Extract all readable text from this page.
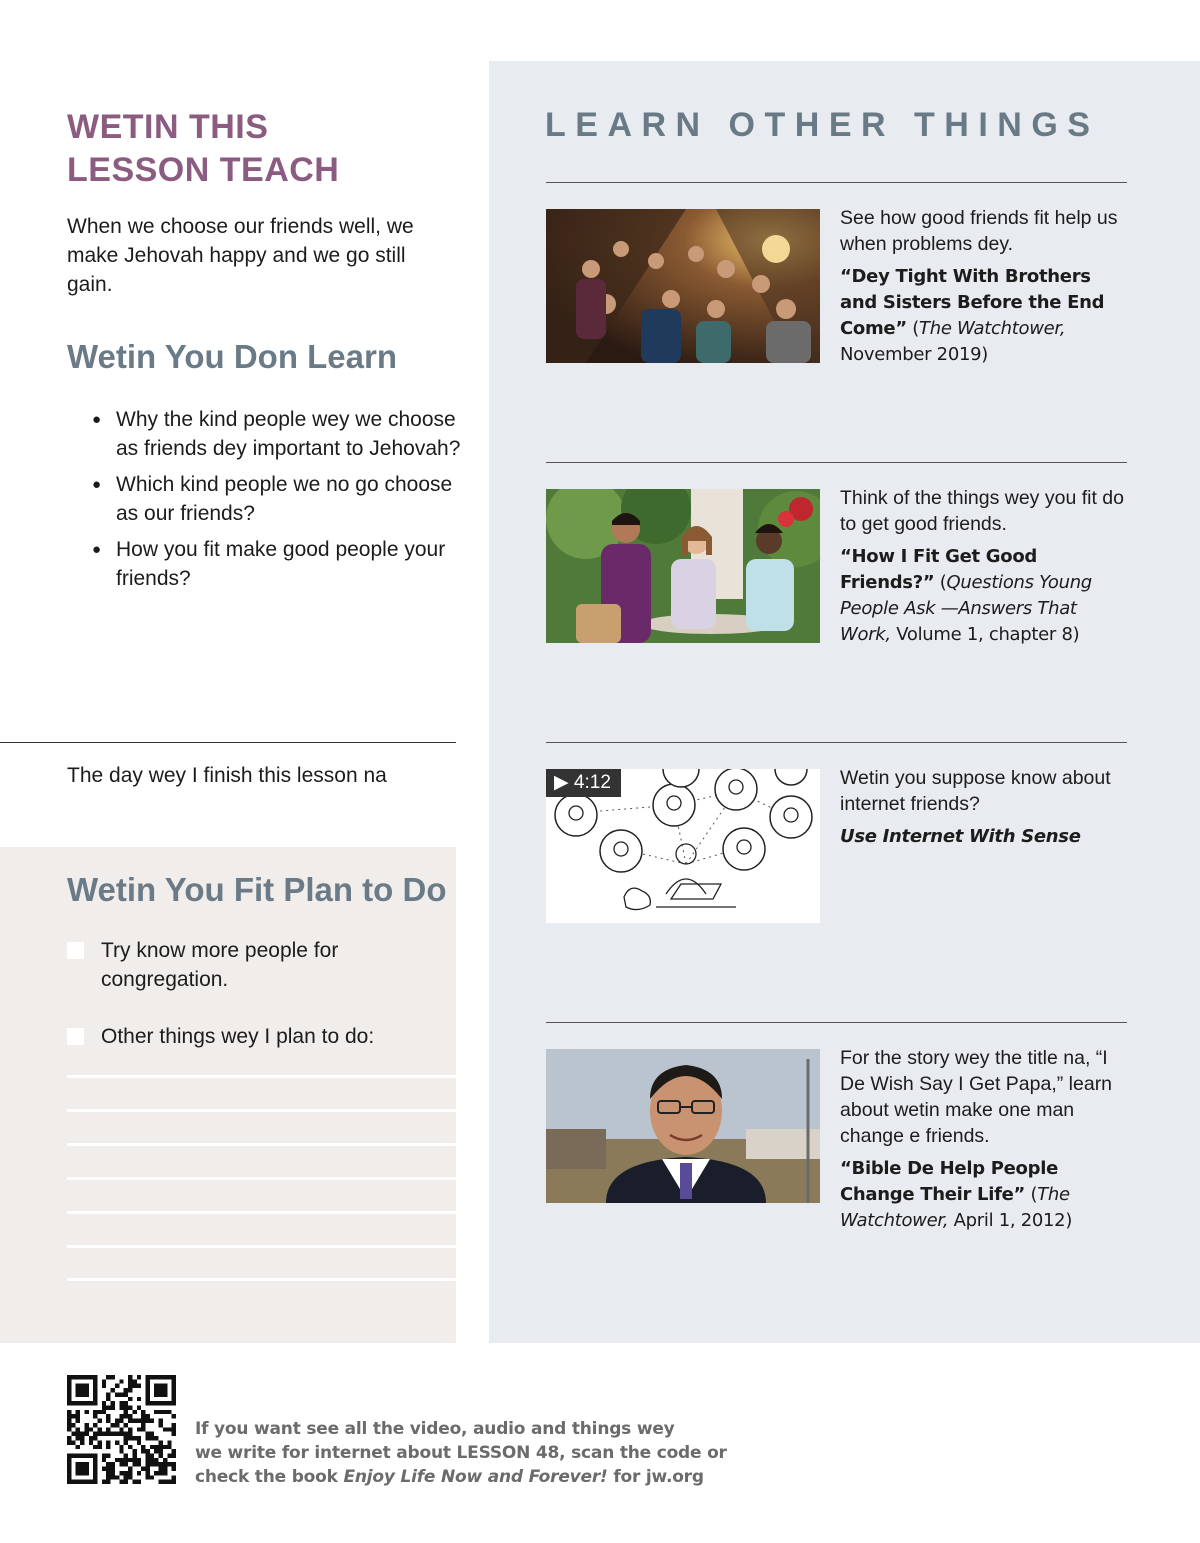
WETIN THIS
LESSON TEACH

When we choose our friends well, we make Jehovah happy and we go still gain.

Wetin You Don Learn
● Why the kind people wey we choose as friends dey important to Jehovah?
● Which kind people we no go choose as our friends?
● How you fit make good people your friends?
The day wey I finish this lesson na
Wetin You Fit Plan to Do
Try know more people for congregation.
Other things wey I plan to do:
LEARN OTHER THINGS
See how good friends fit help us when problems dey.
“Dey Tight With Brothers and Sisters Before the End Come” (The Watchtower, November 2019)
Think of the things wey you fit do to get good friends.
“How I Fit Get Good Friends?” (Questions Young People Ask —Answers That Work, Volume 1, chapter 8)
▶ 4:12	Wetin you suppose know about internet friends?
Use Internet With Sense
For the story wey the title na, “I De Wish Say I Get Papa,” learn about wetin make one man change e friends.
“Bible De Help People Change Their Life” (The Watchtower, April 1, 2012)
If you want see all the video, audio and things wey
we write for internet about LESSON 48, scan the code or
check the book Enjoy Life Now and Forever! for jw.org
